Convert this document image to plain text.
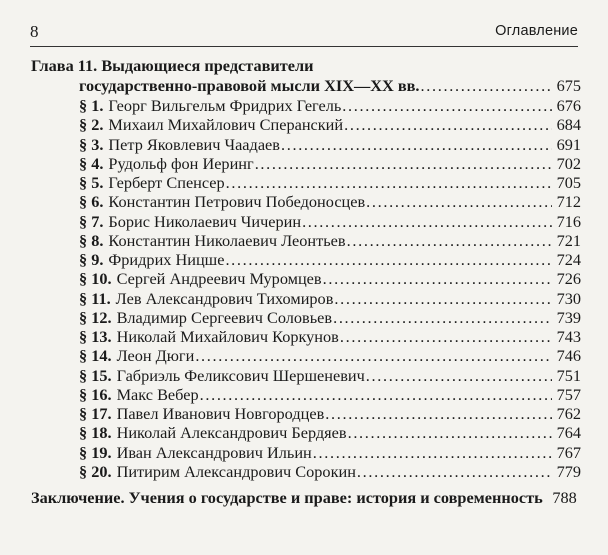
8	Оглавление
Глава 11. Выдающиеся представители
государственно-правовой мысли XIX—XX вв. . . .	675
§ 1. Георг Вильгельм Фридрих Гегель . . .	676
§ 2. Михаил Михайлович Сперанский . . .	684
§ 3. Петр Яковлевич Чаадаев . . .	691
§ 4. Рудольф фон Иеринг . . .	702
§ 5. Герберт Спенсер . . .	705
§ 6. Константин Петрович Победоносцев . . .	712
§ 7. Борис Николаевич Чичерин . . .	716
§ 8. Константин Николаевич Леонтьев . . .	721
§ 9. Фридрих Ницше . . .	724
§ 10. Сергей Андреевич Муромцев . . .	726
§ 11. Лев Александрович Тихомиров . . .	730
§ 12. Владимир Сергеевич Соловьев . . .	739
§ 13. Николай Михайлович Коркунов . . .	743
§ 14. Леон Дюги . . .	746
§ 15. Габриэль Феликсович Шершеневич . . .	751
§ 16. Макс Вебер . . .	757
§ 17. Павел Иванович Новгородцев . . .	762
§ 18. Николай Александрович Бердяев . . .	764
§ 19. Иван Александрович Ильин . . .	767
§ 20. Питирим Александрович Сорокин . . .	779
Заключение. Учения о государстве и праве: история и современность 788
